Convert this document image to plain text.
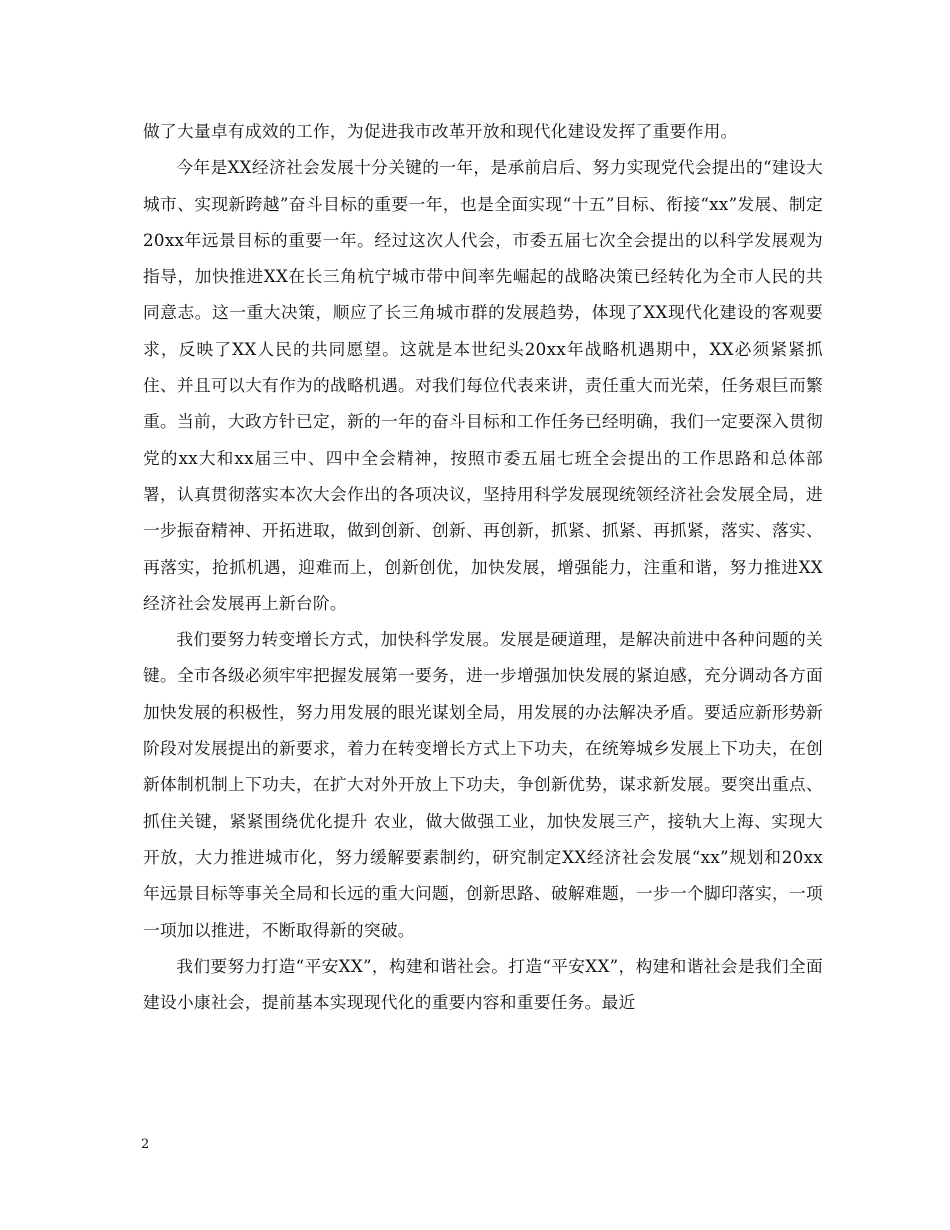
做了大量卓有成效的工作，为促进我市改革开放和现代化建设发挥了重要作用。

今年是XX经济社会发展十分关键的一年，是承前启后、努力实现党代会提出的“建设大城市、实现新跨越”奋斗目标的重要一年，也是全面实现“十五”目标、衔接“xx”发展、制定20xx年远景目标的重要一年。经过这次人代会，市委五届七次全会提出的以科学发展观为指导，加快推进XX在长三角杭宁城市带中间率先崛起的战略决策已经转化为全市人民的共同意志。这一重大决策，顺应了长三角城市群的发展趋势，体现了XX现代化建设的客观要求，反映了XX人民的共同愿望。这就是本世纪头20xx年战略机遇期中，XX必须紧紧抓住、并且可以大有作为的战略机遇。对我们每位代表来讲，责任重大而光荣，任务艰巨而繁重。当前，大政方针已定，新的一年的奋斗目标和工作任务已经明确，我们一定要深入贯彻党的xx大和xx届三中、四中全会精神，按照市委五届七班全会提出的工作思路和总体部署，认真贯彻落实本次大会作出的各项决议，坚持用科学发展现统领经济社会发展全局，进一步振奋精神、开拓进取，做到创新、创新、再创新，抓紧、抓紧、再抓紧，落实、落实、再落实，抢抓机遇，迎难而上，创新创优，加快发展，增强能力，注重和谐，努力推进XX经济社会发展再上新台阶。

我们要努力转变增长方式，加快科学发展。发展是硬道理，是解决前进中各种问题的关键。全市各级必须牢牢把握发展第一要务，进一步增强加快发展的紧迫感，充分调动各方面加快发展的积极性，努力用发展的眼光谋划全局，用发展的办法解决矛盾。要适应新形势新阶段对发展提出的新要求，着力在转变增长方式上下功夫，在统筹城乡发展上下功夫，在创新体制机制上下功夫，在扩大对外开放上下功夫，争创新优势，谋求新发展。要突出重点、抓住关键，紧紧围绕优化提升 农业，做大做强工业，加快发展三产，接轨大上海、实现大开放，大力推进城市化，努力缓解要素制约，研究制定XX经济社会发展“xx”规划和20xx年远景目标等事关全局和长远的重大问题，创新思路、破解难题，一步一个脚印落实，一项一项加以推进，不断取得新的突破。

我们要努力打造“平安XX”，构建和谐社会。打造“平安XX”，构建和谐社会是我们全面建设小康社会，提前基本实现现代化的重要内容和重要任务。最近

2
